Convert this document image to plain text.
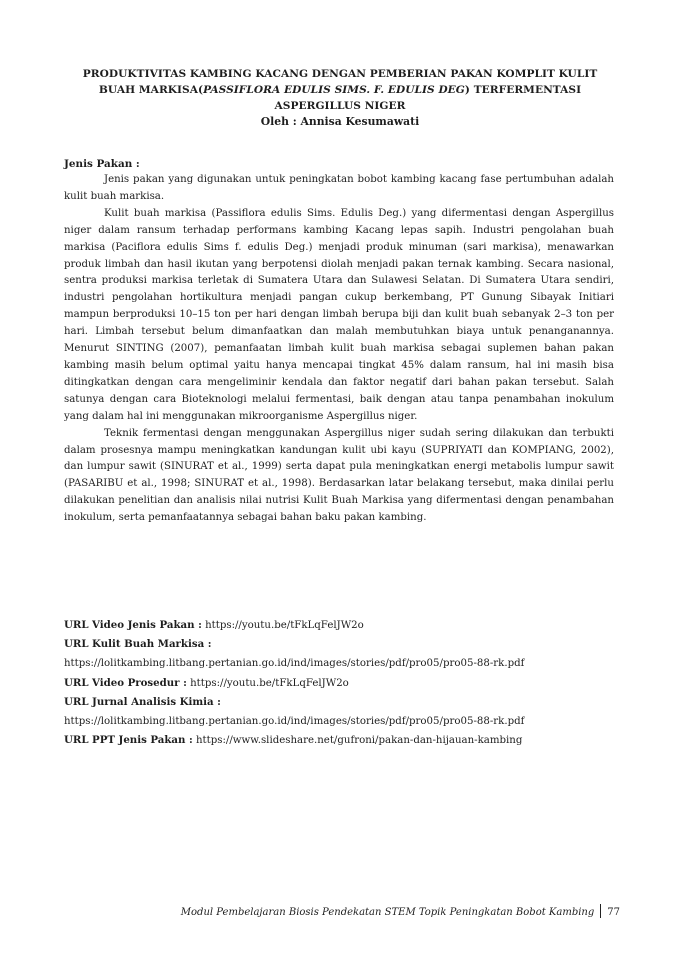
PRODUKTIVITAS KAMBING KACANG DENGAN PEMBERIAN PAKAN KOMPLIT KULIT
BUAH MARKISA(PASSIFLORA EDULIS SIMS. F. EDULIS DEG) TERFERMENTASI
ASPERGILLUS NIGER
Oleh : Annisa Kesumawati
Jenis Pakan :

Jenis pakan yang digunakan untuk peningkatan bobot kambing kacang fase pertumbuhan adalah kulit buah markisa.

Kulit buah markisa (Passiflora edulis Sims. Edulis Deg.) yang difermentasi dengan Aspergillus niger dalam ransum terhadap performans kambing Kacang lepas sapih. Industri pengolahan buah markisa (Paciflora edulis Sims f. edulis Deg.) menjadi produk minuman (sari markisa), menawarkan produk limbah dan hasil ikutan yang berpotensi diolah menjadi pakan ternak kambing. Secara nasional, sentra produksi markisa terletak di Sumatera Utara dan Sulawesi Selatan. Di Sumatera Utara sendiri, industri pengolahan hortikultura menjadi pangan cukup berkembang, PT Gunung Sibayak Initiari mampun berproduksi 10–15 ton per hari dengan limbah berupa biji dan kulit buah sebanyak 2–3 ton per hari. Limbah tersebut belum dimanfaatkan dan malah membutuhkan biaya untuk penanganannya. Menurut SINTING (2007), pemanfaatan limbah kulit buah markisa sebagai suplemen bahan pakan kambing masih belum optimal yaitu hanya mencapai tingkat 45% dalam ransum, hal ini masih bisa ditingkatkan dengan cara mengeliminir kendala dan faktor negatif dari bahan pakan tersebut. Salah satunya dengan cara Bioteknologi melalui fermentasi, baik dengan atau tanpa penambahan inokulum yang dalam hal ini menggunakan mikroorganisme Aspergillus niger.

Teknik fermentasi dengan menggunakan Aspergillus niger sudah sering dilakukan dan terbukti dalam prosesnya mampu meningkatkan kandungan kulit ubi kayu (SUPRIYATI dan KOMPIANG, 2002), dan lumpur sawit (SINURAT et al., 1999) serta dapat pula meningkatkan energi metabolis lumpur sawit (PASARIBU et al., 1998; SINURAT et al., 1998). Berdasarkan latar belakang tersebut, maka dinilai perlu dilakukan penelitian dan analisis nilai nutrisi Kulit Buah Markisa yang difermentasi dengan penambahan inokulum, serta pemanfaatannya sebagai bahan baku pakan kambing.

URL Video Jenis Pakan : https://youtu.be/tFkLqFelJW2o
URL Kulit Buah Markisa :
https://lolitkambing.litbang.pertanian.go.id/ind/images/stories/pdf/pro05/pro05-88-rk.pdf
URL Video Prosedur : https://youtu.be/tFkLqFelJW2o
URL Jurnal Analisis Kimia :
https://lolitkambing.litbang.pertanian.go.id/ind/images/stories/pdf/pro05/pro05-88-rk.pdf
URL PPT Jenis Pakan : https://www.slideshare.net/gufroni/pakan-dan-hijauan-kambing
Modul Pembelajaran Biosis Pendekatan STEM Topik Peningkatan Bobot Kambing 77
